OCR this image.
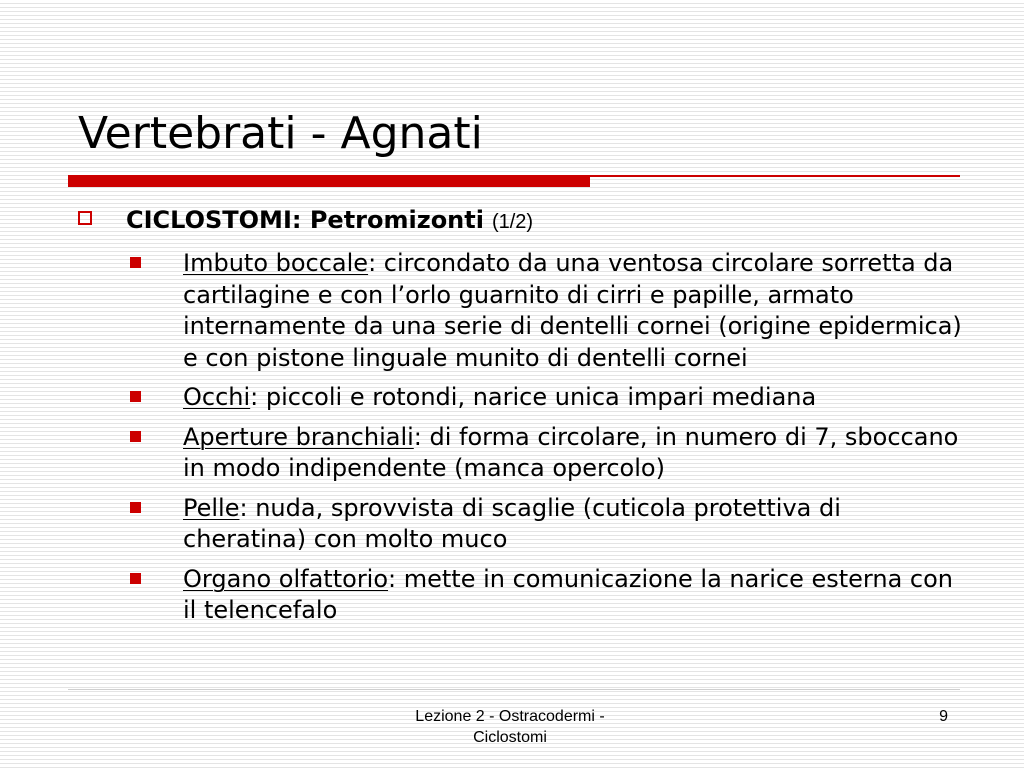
Vertebrati - Agnati
CICLOSTOMI: Petromizonti (1/2)
Imbuto boccale: circondato da una ventosa circolare sorretta da cartilagine e con l’orlo guarnito di cirri e papille, armato internamente da una serie di dentelli cornei (origine epidermica) e con pistone linguale munito di dentelli cornei
Occhi: piccoli e rotondi, narice unica impari mediana
Aperture branchiali: di forma circolare, in numero di 7, sboccano in modo indipendente (manca opercolo)
Pelle: nuda, sprovvista di scaglie (cuticola protettiva di cheratina) con molto muco
Organo olfattorio: mette in comunicazione la narice esterna con il telencefalo
Lezione 2 - Ostracodermi - Ciclostomi
9
